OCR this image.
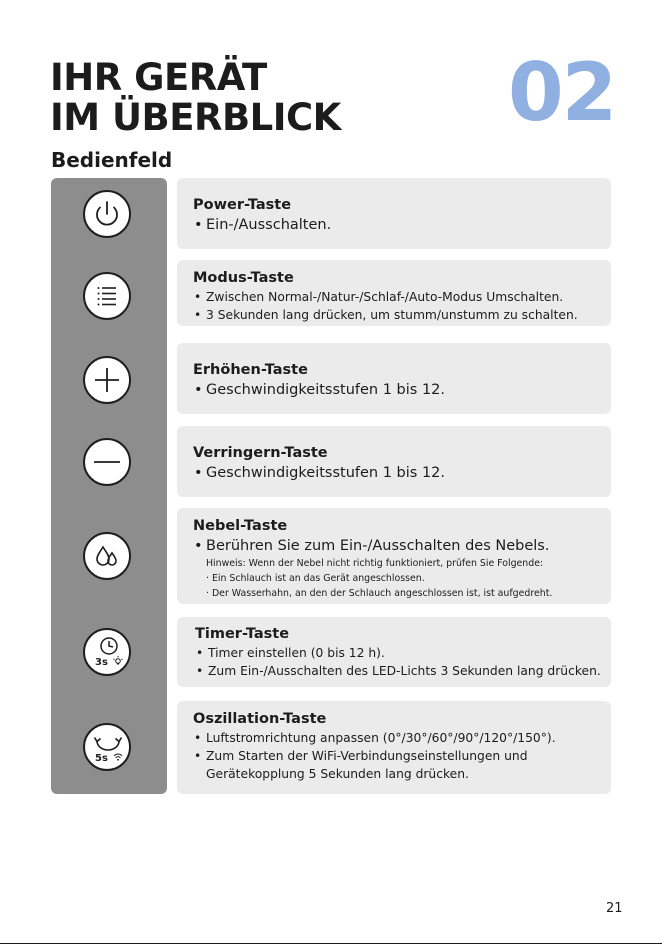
IHR GERÄT
IM ÜBERBLICK 02
Bedienfeld
3s
5s
Power-Taste
• Ein-/Ausschalten.
Modus-Taste
• Zwischen Normal-/Natur-/Schlaf-/Auto-Modus Umschalten.
• 3 Sekunden lang drücken, um stumm/unstumm zu schalten.
Erhöhen-Taste
• Geschwindigkeitsstufen 1 bis 12.
Verringern-Taste
• Geschwindigkeitsstufen 1 bis 12.
Nebel-Taste
• Berühren Sie zum Ein-/Ausschalten des Nebels.

Hinweis: Wenn der Nebel nicht richtig funktioniert, prüfen Sie Folgende:

· Ein Schlauch ist an das Gerät angeschlossen.

· Der Wasserhahn, an den der Schlauch angeschlossen ist, ist aufgedreht.

Timer-Taste
• Timer einstellen (0 bis 12 h).
• Zum Ein-/Ausschalten des LED-Lichts 3 Sekunden lang drücken.
Oszillation-Taste
• Luftstromrichtung anpassen (0°/30°/60°/90°/120°/150°).
• Zum Starten der WiFi-Verbindungseinstellungen und
Gerätekopplung 5 Sekunden lang drücken.
21
